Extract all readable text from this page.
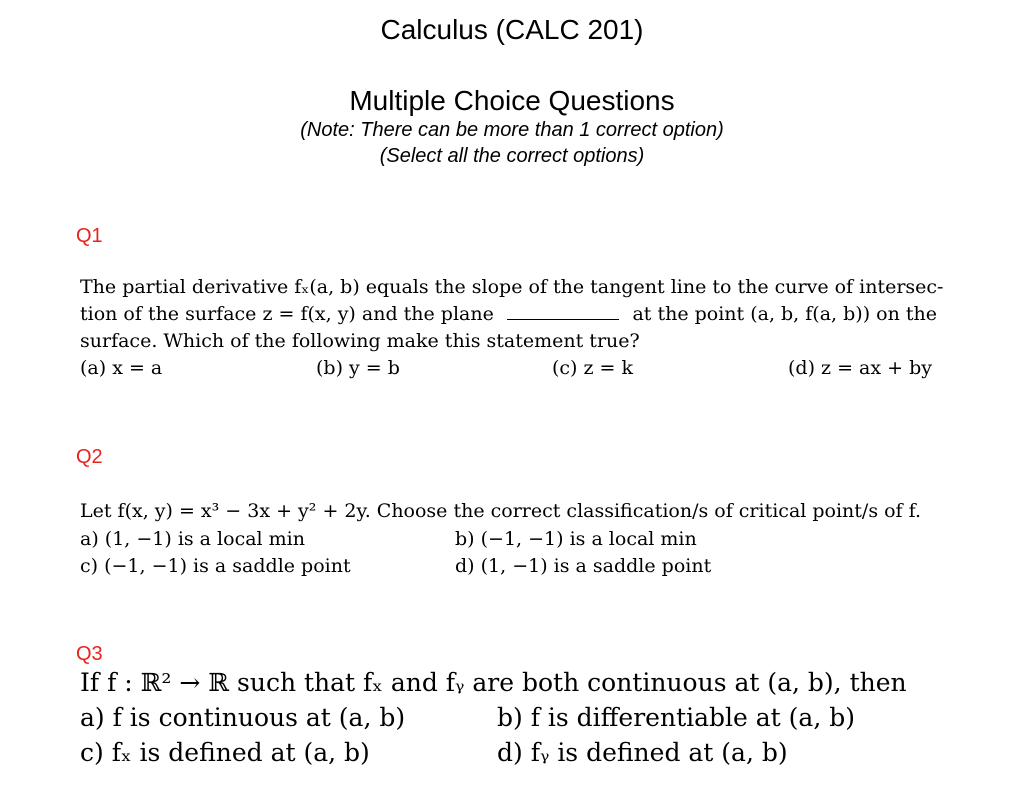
Calculus (CALC 201)
Multiple Choice Questions
(Note: There can be more than 1 correct option)
(Select all the correct options)
Q1
The partial derivative fₓ(a, b) equals the slope of the tangent line to the curve of intersec-
tion of the surface z = f(x, y) and the plane	at the point (a, b, f(a, b)) on the
surface. Which of the following make this statement true?
(a) x = a	(b) y = b	(c) z = k	(d) z = ax + by
Q2
Let f(x, y) = x³ − 3x + y² + 2y. Choose the correct classification/s of critical point/s of f.
a) (1, −1) is a local min	b) (−1, −1) is a local min
c) (−1, −1) is a saddle point	d) (1, −1) is a saddle point
Q3
If f : ℝ² → ℝ such that fₓ and fᵧ are both continuous at (a, b), then
a) f is continuous at (a, b)	b) f is differentiable at (a, b)
c) fₓ is defined at (a, b)	d) fᵧ is defined at (a, b)
